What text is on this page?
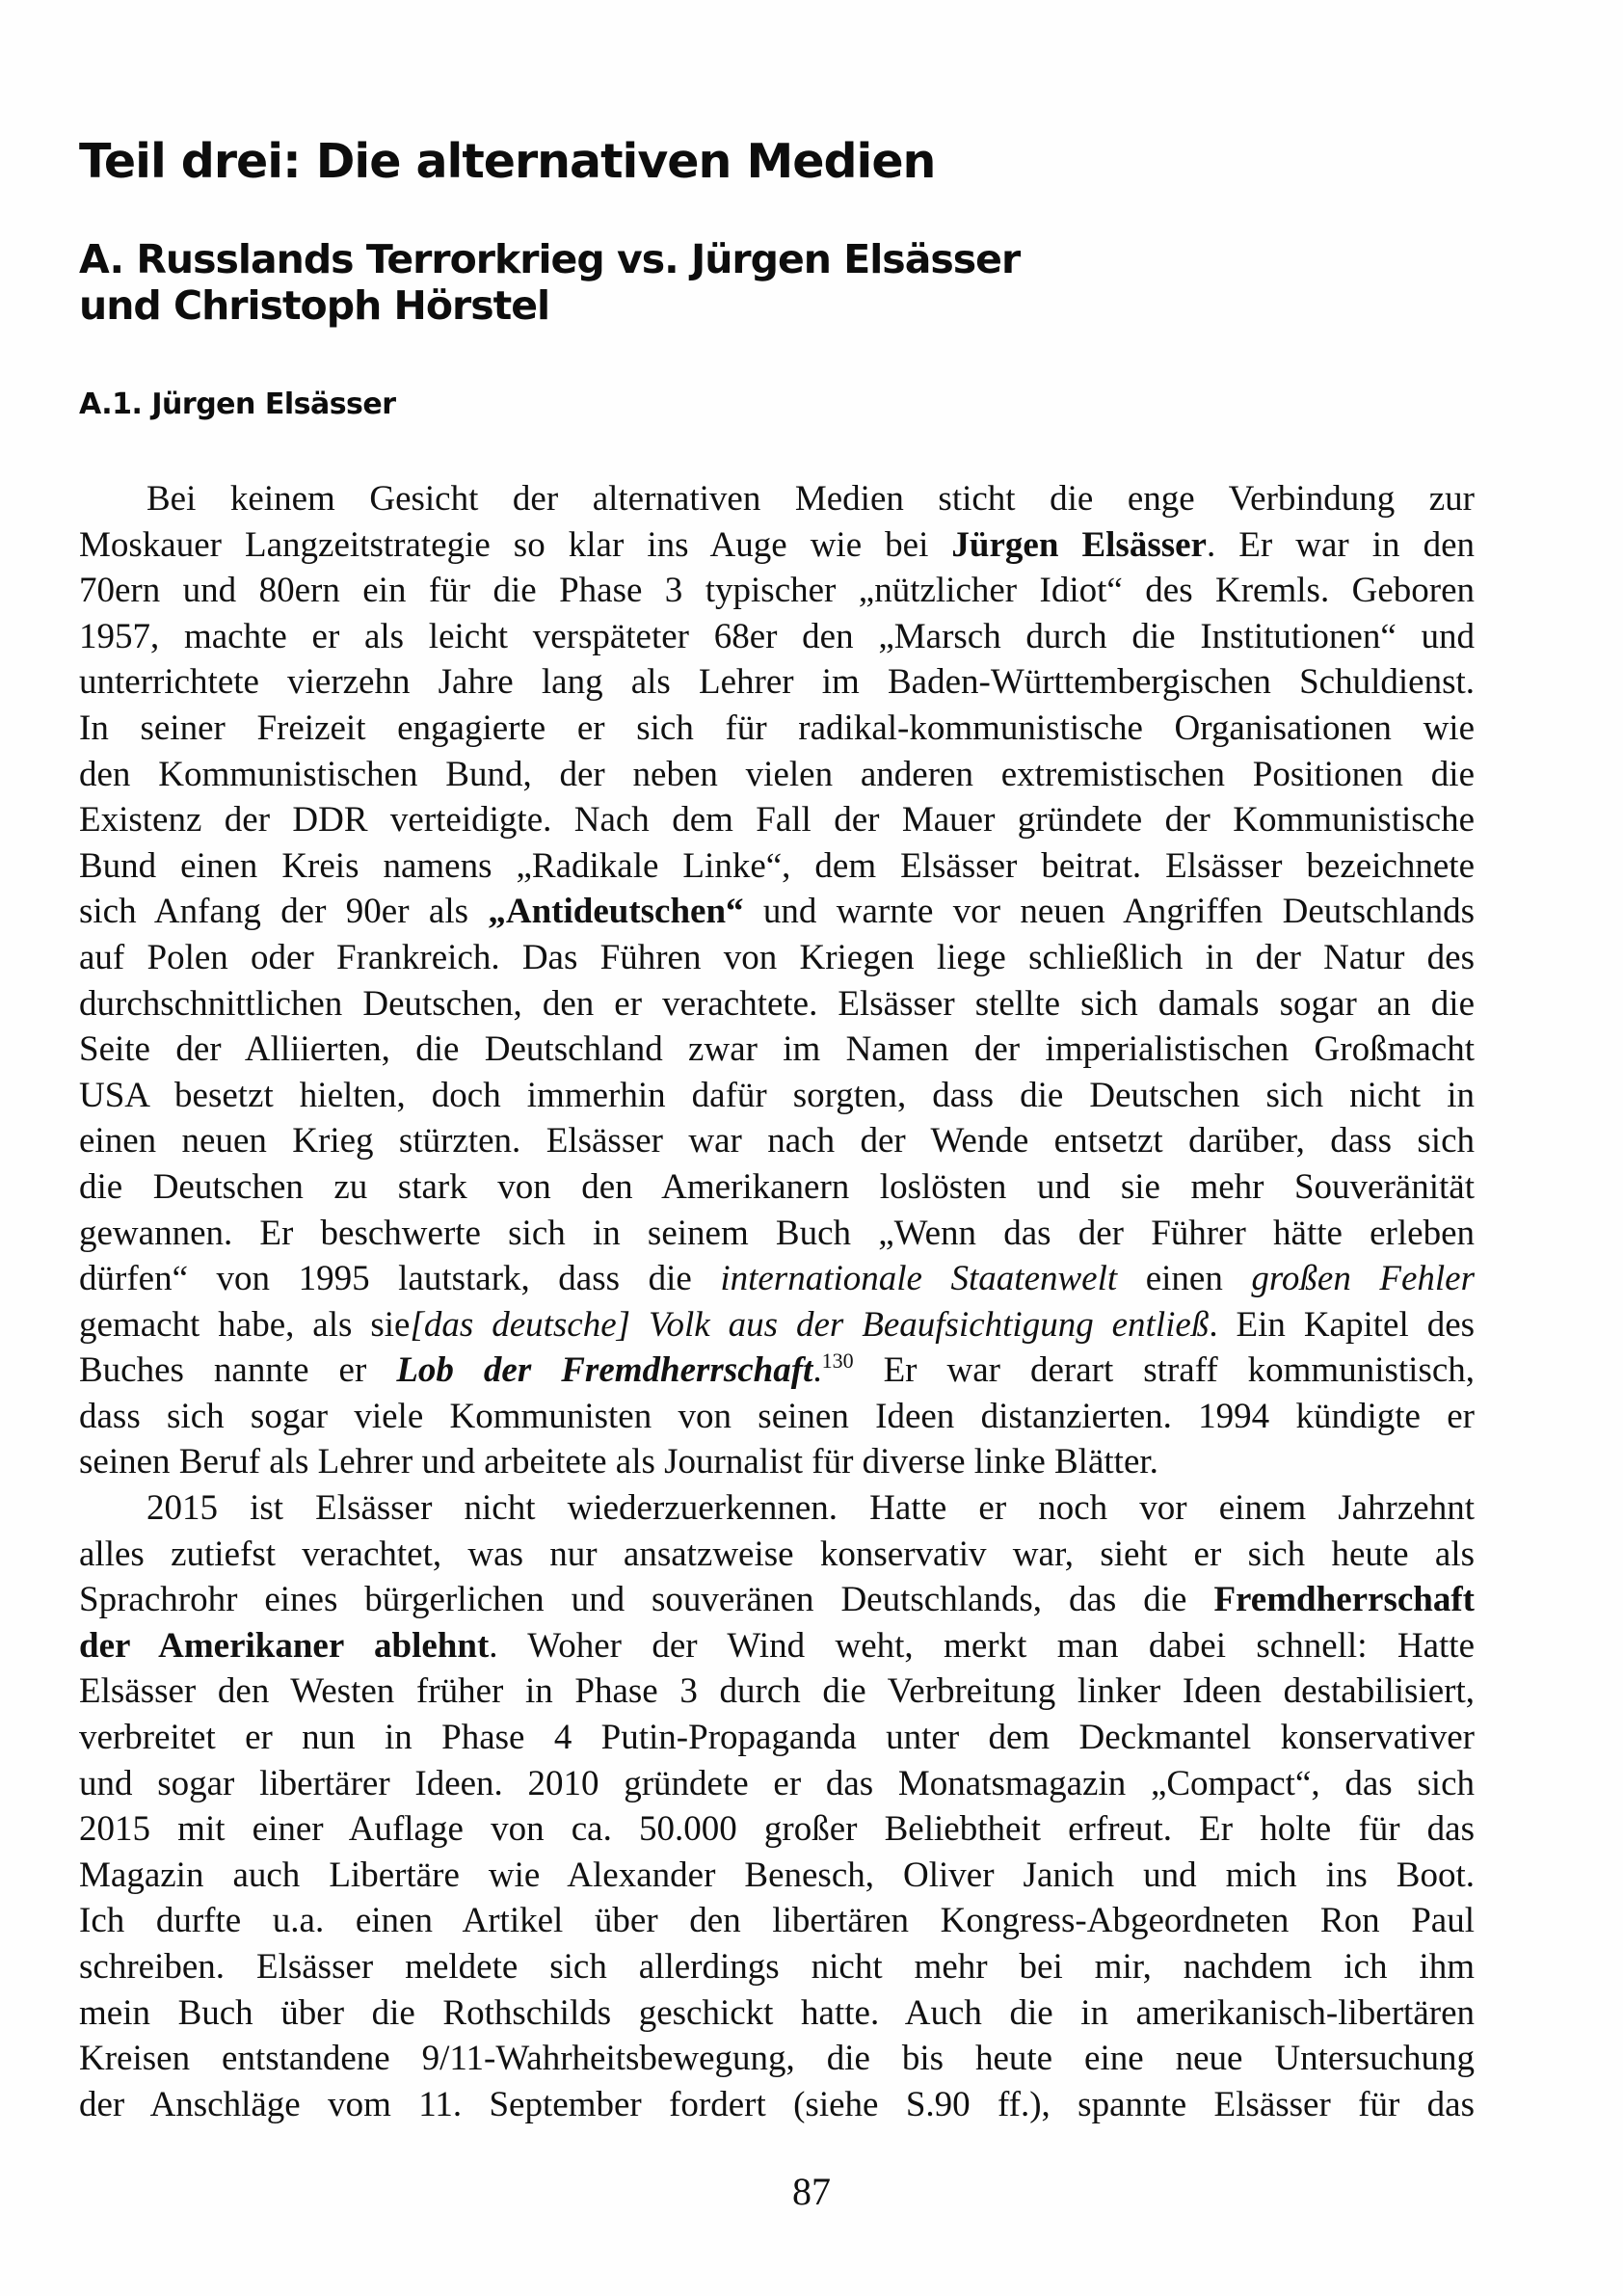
Teil drei: Die alternativen Medien
A. Russlands Terrorkrieg vs. Jürgen Elsässer
und Christoph Hörstel
A.1. Jürgen Elsässer
Bei keinem Gesicht der alternativen Medien sticht die enge Verbindung zur
Moskauer Langzeitstrategie so klar ins Auge wie bei Jürgen Elsässer. Er war in den
70ern und 80ern ein für die Phase 3 typischer „nützlicher Idiot“ des Kremls. Geboren
1957, machte er als leicht verspäteter 68er den „Marsch durch die Institutionen“ und
unterrichtete vierzehn Jahre lang als Lehrer im Baden-Württembergischen Schuldienst.
In seiner Freizeit engagierte er sich für radikal-kommunistische Organisationen wie
den Kommunistischen Bund, der neben vielen anderen extremistischen Positionen die
Existenz der DDR verteidigte. Nach dem Fall der Mauer gründete der Kommunistische
Bund einen Kreis namens „Radikale Linke“, dem Elsässer beitrat. Elsässer bezeichnete
sich Anfang der 90er als „Antideutschen“ und warnte vor neuen Angriffen Deutschlands
auf Polen oder Frankreich. Das Führen von Kriegen liege schließlich in der Natur des
durchschnittlichen Deutschen, den er verachtete. Elsässer stellte sich damals sogar an die
Seite der Alliierten, die Deutschland zwar im Namen der imperialistischen Großmacht
USA besetzt hielten, doch immerhin dafür sorgten, dass die Deutschen sich nicht in
einen neuen Krieg stürzten. Elsässer war nach der Wende entsetzt darüber, dass sich
die Deutschen zu stark von den Amerikanern loslösten und sie mehr Souveränität
gewannen. Er beschwerte sich in seinem Buch „Wenn das der Führer hätte erleben
dürfen“ von 1995 lautstark, dass die internationale Staatenwelt einen großen Fehler
gemacht habe, als sie[das deutsche] Volk aus der Beaufsichtigung entließ. Ein Kapitel des
Buches nannte er Lob der Fremdherrschaft.$^{130}$ Er war derart straff kommunistisch,
dass sich sogar viele Kommunisten von seinen Ideen distanzierten. 1994 kündigte er
seinen Beruf als Lehrer und arbeitete als Journalist für diverse linke Blätter.
2015 ist Elsässer nicht wiederzuerkennen. Hatte er noch vor einem Jahrzehnt
alles zutiefst verachtet, was nur ansatzweise konservativ war, sieht er sich heute als
Sprachrohr eines bürgerlichen und souveränen Deutschlands, das die Fremdherrschaft
der Amerikaner ablehnt. Woher der Wind weht, merkt man dabei schnell: Hatte
Elsässer den Westen früher in Phase 3 durch die Verbreitung linker Ideen destabilisiert,
verbreitet er nun in Phase 4 Putin-Propaganda unter dem Deckmantel konservativer
und sogar libertärer Ideen. 2010 gründete er das Monatsmagazin „Compact“, das sich
2015 mit einer Auflage von ca. 50.000 großer Beliebtheit erfreut. Er holte für das
Magazin auch Libertäre wie Alexander Benesch, Oliver Janich und mich ins Boot.
Ich durfte u.a. einen Artikel über den libertären Kongress-Abgeordneten Ron Paul
schreiben. Elsässer meldete sich allerdings nicht mehr bei mir, nachdem ich ihm
mein Buch über die Rothschilds geschickt hatte. Auch die in amerikanisch-libertären
Kreisen entstandene 9/11-Wahrheitsbewegung, die bis heute eine neue Untersuchung
der Anschläge vom 11. September fordert (siehe S.90 ff.), spannte Elsässer für das
87
